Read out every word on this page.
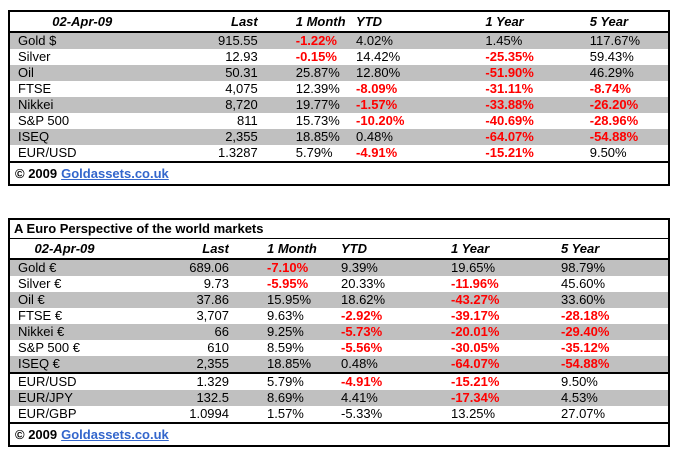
02-Apr-09	Last	1 Month	YTD	1 Year	5 Year
Gold $	915.55	-1.22%	4.02%	1.45%	117.67%
Silver	12.93	-0.15%	14.42%	-25.35%	59.43%
Oil	50.31	25.87%	12.80%	-51.90%	46.29%
FTSE	4,075	12.39%	-8.09%	-31.11%	-8.74%
Nikkei	8,720	19.77%	-1.57%	-33.88%	-26.20%
S&P 500	811	15.73%	-10.20%	-40.69%	-28.96%
ISEQ	2,355	18.85%	0.48%	-64.07%	-54.88%
EUR/USD	1.3287	5.79%	-4.91%	-15.21%	9.50%
© 2009 Goldassets.co.uk					
A Euro Perspective of the world markets					
02-Apr-09	Last	1 Month	YTD	1 Year	5 Year
Gold €	689.06	-7.10%	9.39%	19.65%	98.79%
Silver €	9.73	-5.95%	20.33%	-11.96%	45.60%
Oil €	37.86	15.95%	18.62%	-43.27%	33.60%
FTSE €	3,707	9.63%	-2.92%	-39.17%	-28.18%
Nikkei €	66	9.25%	-5.73%	-20.01%	-29.40%
S&P 500 €	610	8.59%	-5.56%	-30.05%	-35.12%
ISEQ €	2,355	18.85%	0.48%	-64.07%	-54.88%
EUR/USD	1.329	5.79%	-4.91%	-15.21%	9.50%
EUR/JPY	132.5	8.69%	4.41%	-17.34%	4.53%
EUR/GBP	1.0994	1.57%	-5.33%	13.25%	27.07%
© 2009 Goldassets.co.uk					
